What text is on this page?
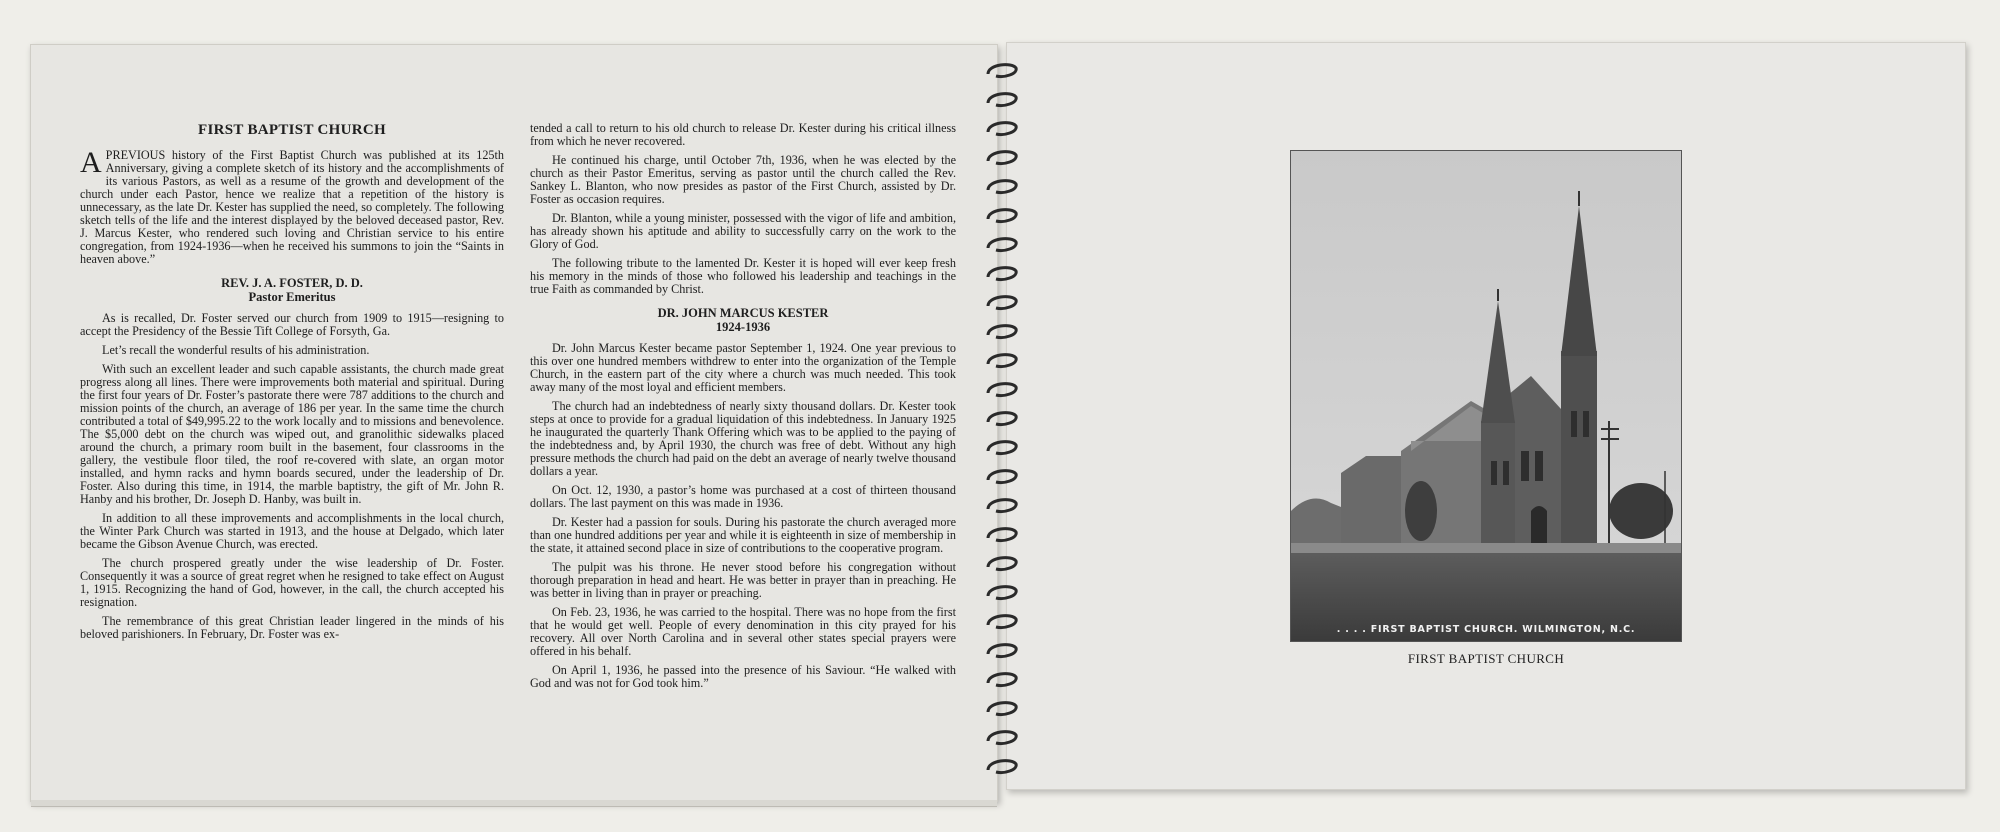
FIRST BAPTIST CHURCH

APREVIOUS history of the First Baptist Church was published at its 125th Anniversary, giving a complete sketch of its history and the accomplishments of its various Pastors, as well as a resume of the growth and development of the church under each Pastor, hence we realize that a repetition of the history is unnecessary, as the late Dr. Kester has supplied the need, so completely. The following sketch tells of the life and the interest displayed by the beloved deceased pastor, Rev. J. Marcus Kester, who rendered such loving and Christian service to his entire congregation, from 1924-1936—when he received his summons to join the “Saints in heaven above.”

REV. J. A. FOSTER, D. D.
Pastor Emeritus

As is recalled, Dr. Foster served our church from 1909 to 1915—resigning to accept the Presidency of the Bessie Tift College of Forsyth, Ga.

Let’s recall the wonderful results of his administration.

With such an excellent leader and such capable assistants, the church made great progress along all lines. There were improvements both material and spiritual. During the first four years of Dr. Foster’s pastorate there were 787 additions to the church and mission points of the church, an average of 186 per year. In the same time the church contributed a total of $49,995.22 to the work locally and to missions and benevolence. The $5,000 debt on the church was wiped out, and granolithic sidewalks placed around the church, a primary room built in the basement, four classrooms in the gallery, the vestibule floor tiled, the roof re-covered with slate, an organ motor installed, and hymn racks and hymn boards secured, under the leadership of Dr. Foster. Also during this time, in 1914, the marble baptistry, the gift of Mr. John R. Hanby and his brother, Dr. Joseph D. Hanby, was built in.

In addition to all these improvements and accomplishments in the local church, the Winter Park Church was started in 1913, and the house at Delgado, which later became the Gibson Avenue Church, was erected.

The church prospered greatly under the wise leadership of Dr. Foster. Consequently it was a source of great regret when he resigned to take effect on August 1, 1915. Recognizing the hand of God, however, in the call, the church accepted his resignation.

The remembrance of this great Christian leader lingered in the minds of his beloved parishioners. In February, Dr. Foster was ex-

tended a call to return to his old church to release Dr. Kester during his critical illness from which he never recovered.

He continued his charge, until October 7th, 1936, when he was elected by the church as their Pastor Emeritus, serving as pastor until the church called the Rev. Sankey L. Blanton, who now presides as pastor of the First Church, assisted by Dr. Foster as occasion requires.

Dr. Blanton, while a young minister, possessed with the vigor of life and ambition, has already shown his aptitude and ability to successfully carry on the work to the Glory of God.

The following tribute to the lamented Dr. Kester it is hoped will ever keep fresh his memory in the minds of those who followed his leadership and teachings in the true Faith as commanded by Christ.

DR. JOHN MARCUS KESTER
1924-1936

Dr. John Marcus Kester became pastor September 1, 1924. One year previous to this over one hundred members withdrew to enter into the organization of the Temple Church, in the eastern part of the city where a church was much needed. This took away many of the most loyal and efficient members.

The church had an indebtedness of nearly sixty thousand dollars. Dr. Kester took steps at once to provide for a gradual liquidation of this indebtedness. In January 1925 he inaugurated the quarterly Thank Offering which was to be applied to the paying of the indebtedness and, by April 1930, the church was free of debt. Without any high pressure methods the church had paid on the debt an average of nearly twelve thousand dollars a year.

On Oct. 12, 1930, a pastor’s home was purchased at a cost of thirteen thousand dollars. The last payment on this was made in 1936.

Dr. Kester had a passion for souls. During his pastorate the church averaged more than one hundred additions per year and while it is eighteenth in size of membership in the state, it attained second place in size of contributions to the cooperative program.

The pulpit was his throne. He never stood before his congregation without thorough preparation in head and heart. He was better in prayer than in preaching. He was better in living than in prayer or preaching.

On Feb. 23, 1936, he was carried to the hospital. There was no hope from the first that he would get well. People of every denomination in this city prayed for his recovery. All over North Carolina and in several other states special prayers were offered in his behalf.

On April 1, 1936, he passed into the presence of his Saviour. “He walked with God and was not for God took him.”

. . . . FIRST BAPTIST CHURCH. WILMINGTON, N.C.
FIRST BAPTIST CHURCH
